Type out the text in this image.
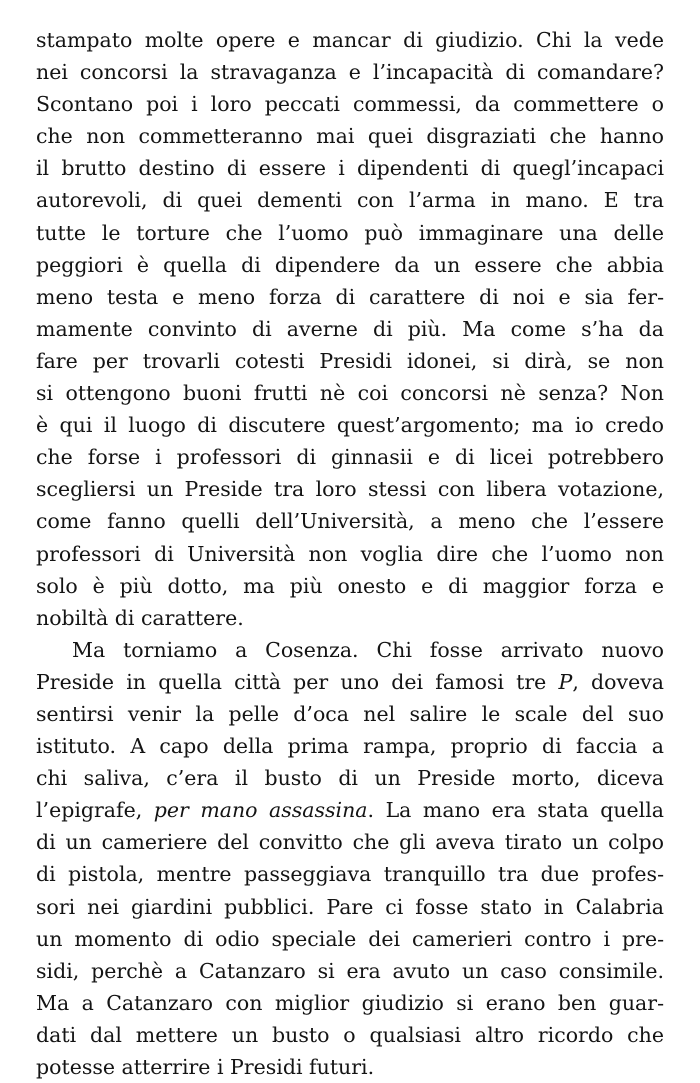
stampato molte opere e mancar di giudizio. Chi la vede
nei concorsi la stravaganza e l’incapacità di comandare?
Scontano poi i loro peccati commessi, da commettere o
che non commetteranno mai quei disgraziati che hanno
il brutto destino di essere i dipendenti di quegl’incapaci
autorevoli, di quei dementi con l’arma in mano. E tra
tutte le torture che l’uomo può immaginare una delle
peggiori è quella di dipendere da un essere che abbia
meno testa e meno forza di carattere di noi e sia fer-
mamente convinto di averne di più. Ma come s’ha da
fare per trovarli cotesti Presidi idonei, si dirà, se non
si ottengono buoni frutti nè coi concorsi nè senza? Non
è qui il luogo di discutere quest’argomento; ma io credo
che forse i professori di ginnasii e di licei potrebbero
scegliersi un Preside tra loro stessi con libera votazione,
come fanno quelli dell’Università, a meno che l’essere
professori di Università non voglia dire che l’uomo non
solo è più dotto, ma più onesto e di maggior forza e
nobiltà di carattere.
Ma torniamo a Cosenza. Chi fosse arrivato nuovo
Preside in quella città per uno dei famosi tre P, doveva
sentirsi venir la pelle d’oca nel salire le scale del suo
istituto. A capo della prima rampa, proprio di faccia a
chi saliva, c’era il busto di un Preside morto, diceva
l’epigrafe, per mano assassina. La mano era stata quella
di un cameriere del convitto che gli aveva tirato un colpo
di pistola, mentre passeggiava tranquillo tra due profes-
sori nei giardini pubblici. Pare ci fosse stato in Calabria
un momento di odio speciale dei camerieri contro i pre-
sidi, perchè a Catanzaro si era avuto un caso consimile.
Ma a Catanzaro con miglior giudizio si erano ben guar-
dati dal mettere un busto o qualsiasi altro ricordo che
potesse atterrire i Presidi futuri.
